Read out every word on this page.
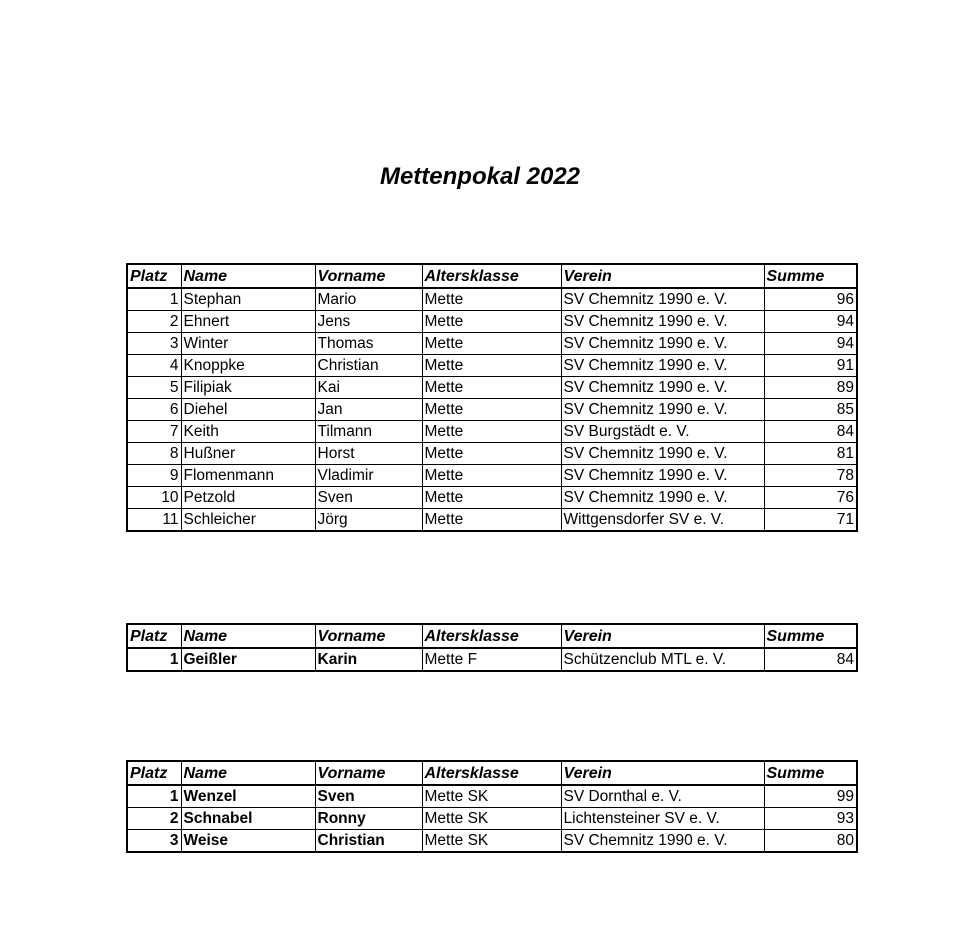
Mettenpokal 2022
Platz	Name	Vorname	Altersklasse	Verein	Summe
1	Stephan	Mario	Mette	SV Chemnitz 1990 e. V.	96
2	Ehnert	Jens	Mette	SV Chemnitz 1990 e. V.	94
3	Winter	Thomas	Mette	SV Chemnitz 1990 e. V.	94
4	Knoppke	Christian	Mette	SV Chemnitz 1990 e. V.	91
5	Filipiak	Kai	Mette	SV Chemnitz 1990 e. V.	89
6	Diehel	Jan	Mette	SV Chemnitz 1990 e. V.	85
7	Keith	Tilmann	Mette	SV Burgstädt e. V.	84
8	Hußner	Horst	Mette	SV Chemnitz 1990 e. V.	81
9	Flomenmann	Vladimir	Mette	SV Chemnitz 1990 e. V.	78
10	Petzold	Sven	Mette	SV Chemnitz 1990 e. V.	76
11	Schleicher	Jörg	Mette	Wittgensdorfer SV e. V.	71
Platz	Name	Vorname	Altersklasse	Verein	Summe
1	Geißler	Karin	Mette F	Schützenclub MTL e. V.	84
Platz	Name	Vorname	Altersklasse	Verein	Summe
1	Wenzel	Sven	Mette SK	SV Dornthal e. V.	99
2	Schnabel	Ronny	Mette SK	Lichtensteiner SV e. V.	93
3	Weise	Christian	Mette SK	SV Chemnitz 1990 e. V.	80
